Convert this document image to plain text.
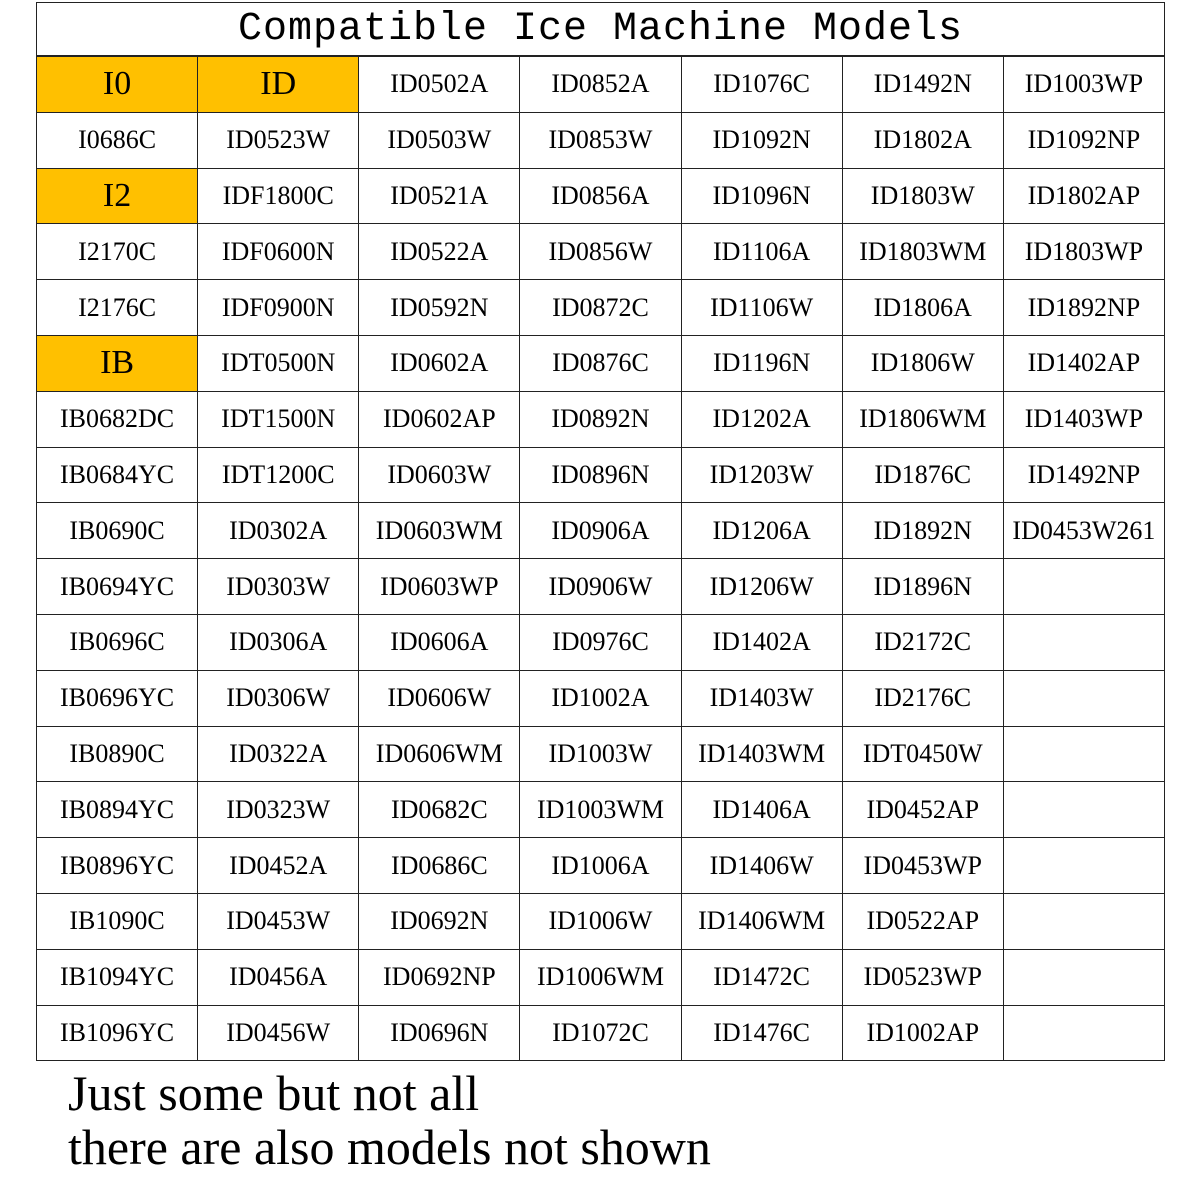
Compatible Ice Machine Models
I0	ID	ID0502A	ID0852A	ID1076C	ID1492N	ID1003WP
I0686C	ID0523W	ID0503W	ID0853W	ID1092N	ID1802A	ID1092NP
I2	IDF1800C	ID0521A	ID0856A	ID1096N	ID1803W	ID1802AP
I2170C	IDF0600N	ID0522A	ID0856W	ID1106A	ID1803WM	ID1803WP
I2176C	IDF0900N	ID0592N	ID0872C	ID1106W	ID1806A	ID1892NP
IB	IDT0500N	ID0602A	ID0876C	ID1196N	ID1806W	ID1402AP
IB0682DC	IDT1500N	ID0602AP	ID0892N	ID1202A	ID1806WM	ID1403WP
IB0684YC	IDT1200C	ID0603W	ID0896N	ID1203W	ID1876C	ID1492NP
IB0690C	ID0302A	ID0603WM	ID0906A	ID1206A	ID1892N	ID0453W261
IB0694YC	ID0303W	ID0603WP	ID0906W	ID1206W	ID1896N	
IB0696C	ID0306A	ID0606A	ID0976C	ID1402A	ID2172C	
IB0696YC	ID0306W	ID0606W	ID1002A	ID1403W	ID2176C	
IB0890C	ID0322A	ID0606WM	ID1003W	ID1403WM	IDT0450W	
IB0894YC	ID0323W	ID0682C	ID1003WM	ID1406A	ID0452AP	
IB0896YC	ID0452A	ID0686C	ID1006A	ID1406W	ID0453WP	
IB1090C	ID0453W	ID0692N	ID1006W	ID1406WM	ID0522AP	
IB1094YC	ID0456A	ID0692NP	ID1006WM	ID1472C	ID0523WP	
IB1096YC	ID0456W	ID0696N	ID1072C	ID1476C	ID1002AP	
Just some but not all
there are also models not shown
